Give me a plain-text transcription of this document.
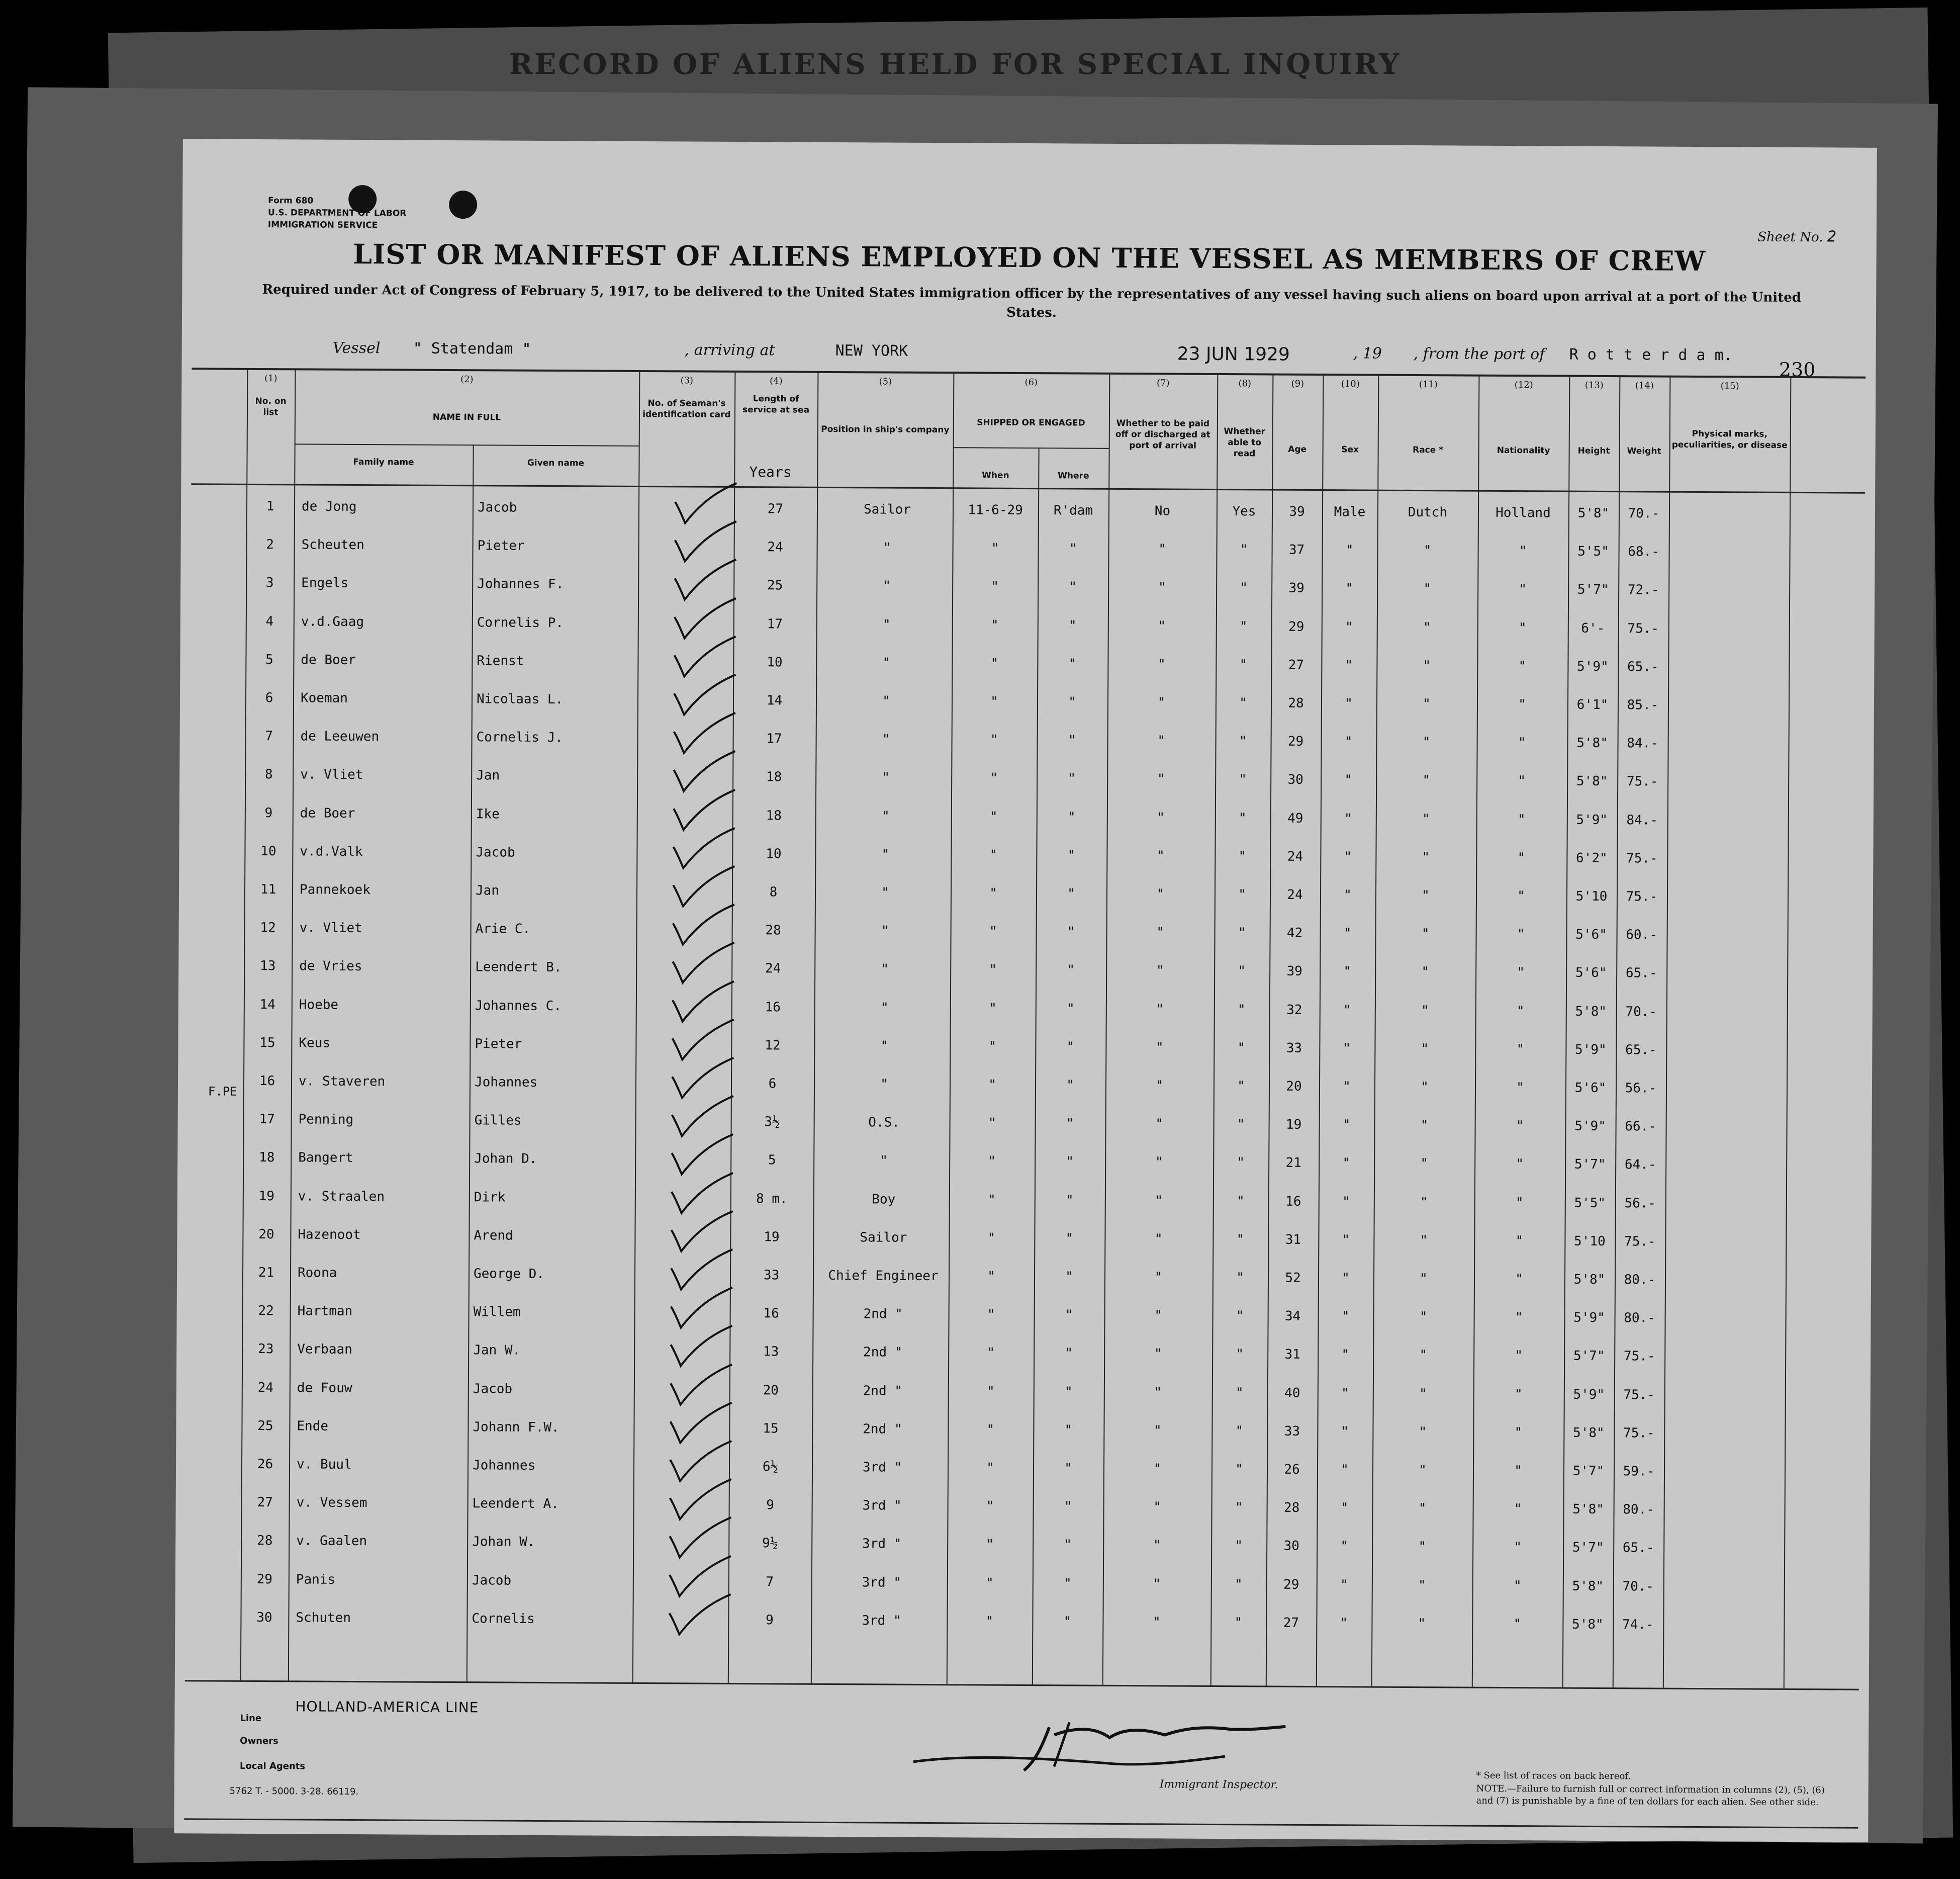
RECORD OF ALIENS HELD FOR SPECIAL INQUIRY
Form 680
U.S. DEPARTMENT OF LABOR
IMMIGRATION SERVICE
Sheet No. 2
LIST OR MANIFEST OF ALIENS EMPLOYED ON THE VESSEL AS MEMBERS OF CREW
Required under Act of Congress of February 5, 1917, to be delivered to the United States immigration officer by the representatives of any vessel having such aliens on board upon arrival at a port of the United States.
Vessel " Statendam "	, arriving at	NEW YORK	23 JUN 1929	, 19 , from the port of R o t t e r d a m.
230
(1)	(2)	(3)	(4)	(5)	(6)	(7)	(8)	(9)	(10)	(11)	(12)	(13)	(14)	(15)
No. on list	NAME IN FULL
Family name	Given name
No. of Seaman's identification card
Length of service at sea
Years
Position in ship's company
SHIPPED OR ENGAGED
When	Where
Whether to be paid off or discharged at port of arrival
Whether able to read	Age	Sex	Race *	Nationality	Height	Weight
Physical marks, peculiarities, or disease
F.PE
1	de Jong	Jacob	27	Sailor	11-6-29	R'dam	No	Yes	39	Male	Dutch	Holland	5'8"	70.-
2	Scheuten	Pieter	24	"	"	"	"	"	37	"	"	"	5'5"	68.-
3	Engels	Johannes F.	25	"	"	"	"	"	39	"	"	"	5'7"	72.-
4	v.d.Gaag	Cornelis P.	17	"	"	"	"	"	29	"	"	"	6'-	75.-
5	de Boer	Rienst	10	"	"	"	"	"	27	"	"	"	5'9"	65.-
6	Koeman	Nicolaas L.	14	"	"	"	"	"	28	"	"	"	6'1"	85.-
7	de Leeuwen	Cornelis J.	17	"	"	"	"	"	29	"	"	"	5'8"	84.-
8	v. Vliet	Jan	18	"	"	"	"	"	30	"	"	"	5'8"	75.-
9	de Boer	Ike	18	"	"	"	"	"	49	"	"	"	5'9"	84.-
10	v.d.Valk	Jacob	10	"	"	"	"	"	24	"	"	"	6'2"	75.-
11	Pannekoek	Jan	8	"	"	"	"	"	24	"	"	"	5'10	75.-
12	v. Vliet	Arie C.	28	"	"	"	"	"	42	"	"	"	5'6"	60.-
13	de Vries	Leendert B.	24	"	"	"	"	"	39	"	"	"	5'6"	65.-
14	Hoebe	Johannes C.	16	"	"	"	"	"	32	"	"	"	5'8"	70.-
15	Keus	Pieter	12	"	"	"	"	"	33	"	"	"	5'9"	65.-
16	v. Staveren	Johannes	6	"	"	"	"	"	20	"	"	"	5'6"	56.-
17	Penning	Gilles	3½	O.S.	"	"	"	"	19	"	"	"	5'9"	66.-
18	Bangert	Johan D.	5	"	"	"	"	"	21	"	"	"	5'7"	64.-
19	v. Straalen	Dirk	8 m.	Boy	"	"	"	"	16	"	"	"	5'5"	56.-
20	Hazenoot	Arend	19	Sailor	"	"	"	"	31	"	"	"	5'10	75.-
21	Roona	George D.	33	Chief Engineer	"	"	"	"	52	"	"	"	5'8"	80.-
22	Hartman	Willem	16	2nd "	"	"	"	"	34	"	"	"	5'9"	80.-
23	Verbaan	Jan W.	13	2nd "	"	"	"	"	31	"	"	"	5'7"	75.-
24	de Fouw	Jacob	20	2nd "	"	"	"	"	40	"	"	"	5'9"	75.-
25	Ende	Johann F.W.	15	2nd "	"	"	"	"	33	"	"	"	5'8"	75.-
26	v. Buul	Johannes	6½	3rd "	"	"	"	"	26	"	"	"	5'7"	59.-
27	v. Vessem	Leendert A.	9	3rd "	"	"	"	"	28	"	"	"	5'8"	80.-
28	v. Gaalen	Johan W.	9½	3rd "	"	"	"	"	30	"	"	"	5'7"	65.-
29	Panis	Jacob	7	3rd "	"	"	"	"	29	"	"	"	5'8"	70.-
30	Schuten	Cornelis	9	3rd "	"	"	"	"	27	"	"	"	5'8"	74.-
Line
HOLLAND-AMERICA LINE
Owners
Local Agents
5762 T. - 5000. 3-28. 66119.
Immigrant Inspector.
* See list of races on back hereof.
NOTE.—Failure to furnish full or correct information in columns (2), (5), (6) and (7) is punishable by a fine of ten dollars for each alien. See other side.
